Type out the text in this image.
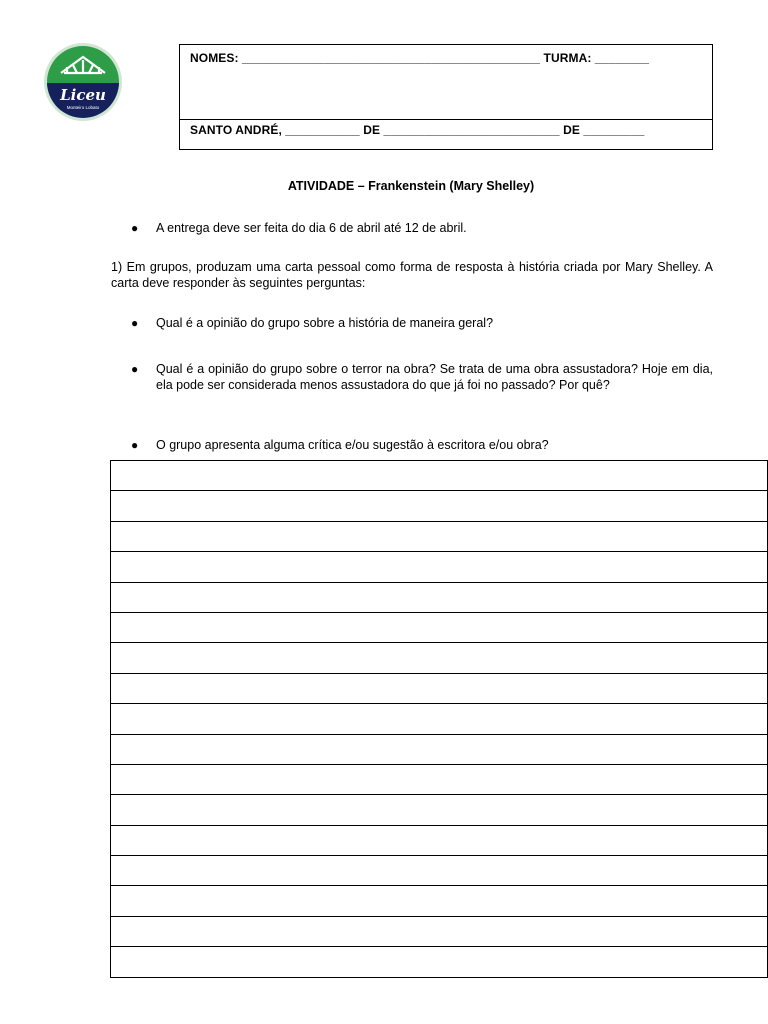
Liceu
Monteiro Lobato
NOMES: ____________________________________________ TURMA: ________
SANTO ANDRÉ, ___________ DE __________________________ DE _________
ATIVIDADE – Frankenstein (Mary Shelley)
● A entrega deve ser feita do dia 6 de abril até 12 de abril.
1) Em grupos, produzam uma carta pessoal como forma de resposta à história criada por Mary Shelley. A carta deve responder às seguintes perguntas:
● Qual é a opinião do grupo sobre a história de maneira geral?
● Qual é a opinião do grupo sobre o terror na obra? Se trata de uma obra assustadora? Hoje em dia, ela pode ser considerada menos assustadora do que já foi no passado? Por quê?
● O grupo apresenta alguma crítica e/ou sugestão à escritora e/ou obra?
